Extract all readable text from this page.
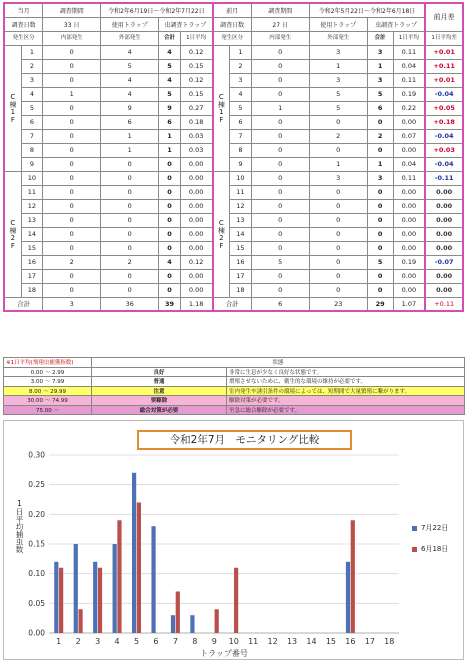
当月		調査期間	令和2年6月19日～令和2年7月22日			前月		調査期間	令和2年5月22日～令和2年6月18日			前月差
調査日数		33 日	使用トラップ	虫調査トラップ		調査日数		27 日	使用トラップ	虫調査トラップ		
発生区分		内部発生	外部発生	合計	1日平均	発生区分		内部発生	外部発生	合計	1日平均	1日平均差
C棟1F	1	0	4	4	0.12	C棟1F	1	0	3	3	0.11	+0.01
	2	0	5	5	0.15		2	0	1	1	0.04	+0.11
	3	0	4	4	0.12		3	0	3	3	0.11	+0.01
	4	1	4	5	0.15		4	0	5	5	0.19	-0.04
	5	0	9	9	0.27		5	1	5	6	0.22	+0.05
	6	0	6	6	0.18		6	0	0	0	0.00	+0.18
	7	0	1	1	0.03		7	0	2	2	0.07	-0.04
	8	0	1	1	0.03		8	0	0	0	0.00	+0.03
	9	0	0	0	0.00		9	0	1	1	0.04	-0.04
C棟2F	10	0	0	0	0.00	C棟2F	10	0	3	3	0.11	-0.11
	11	0	0	0	0.00		11	0	0	0	0.00	0.00
	12	0	0	0	0.00		12	0	0	0	0.00	0.00
	13	0	0	0	0.00		13	0	0	0	0.00	0.00
	14	0	0	0	0.00		14	0	0	0	0.00	0.00
	15	0	0	0	0.00		15	0	0	0	0.00	0.00
	16	2	2	4	0.12		16	5	0	5	0.19	-0.07
	17	0	0	0	0.00		17	0	0	0	0.00	0.00
	18	0	0	0	0.00		18	0	0	0	0.00	0.00
合計		3	36	39	1.18	合計		6	23	29	1.07	+0.11
※1日平均(飛翔虫捕獲指数)	状態	
0.00 ～ 2.99	良好	非常に生息が少なく良好な状態です。
3.00 ～ 7.99	普通	増殖させないために、衛生的な環境の維持が必要です。
8.00 ～ 29.99	注意	室内発生や誘引条件の環境によっては、短期間で大量繁殖に繋がります。
30.00 ～ 74.99	要駆除	駆除対策が必要です。
75.00 ～	総合対策が必要	至急に総合駆除が必要です。
令和2年7月　モニタリング比較
1日平均捕虫数
0.00
0.05
0.10
0.15
0.20
0.25
0.30
1 2 3 4 5 6 7 8 9 10 11 12 13 14 15 16 17 18
トラップ番号
7月22日
6月18日
